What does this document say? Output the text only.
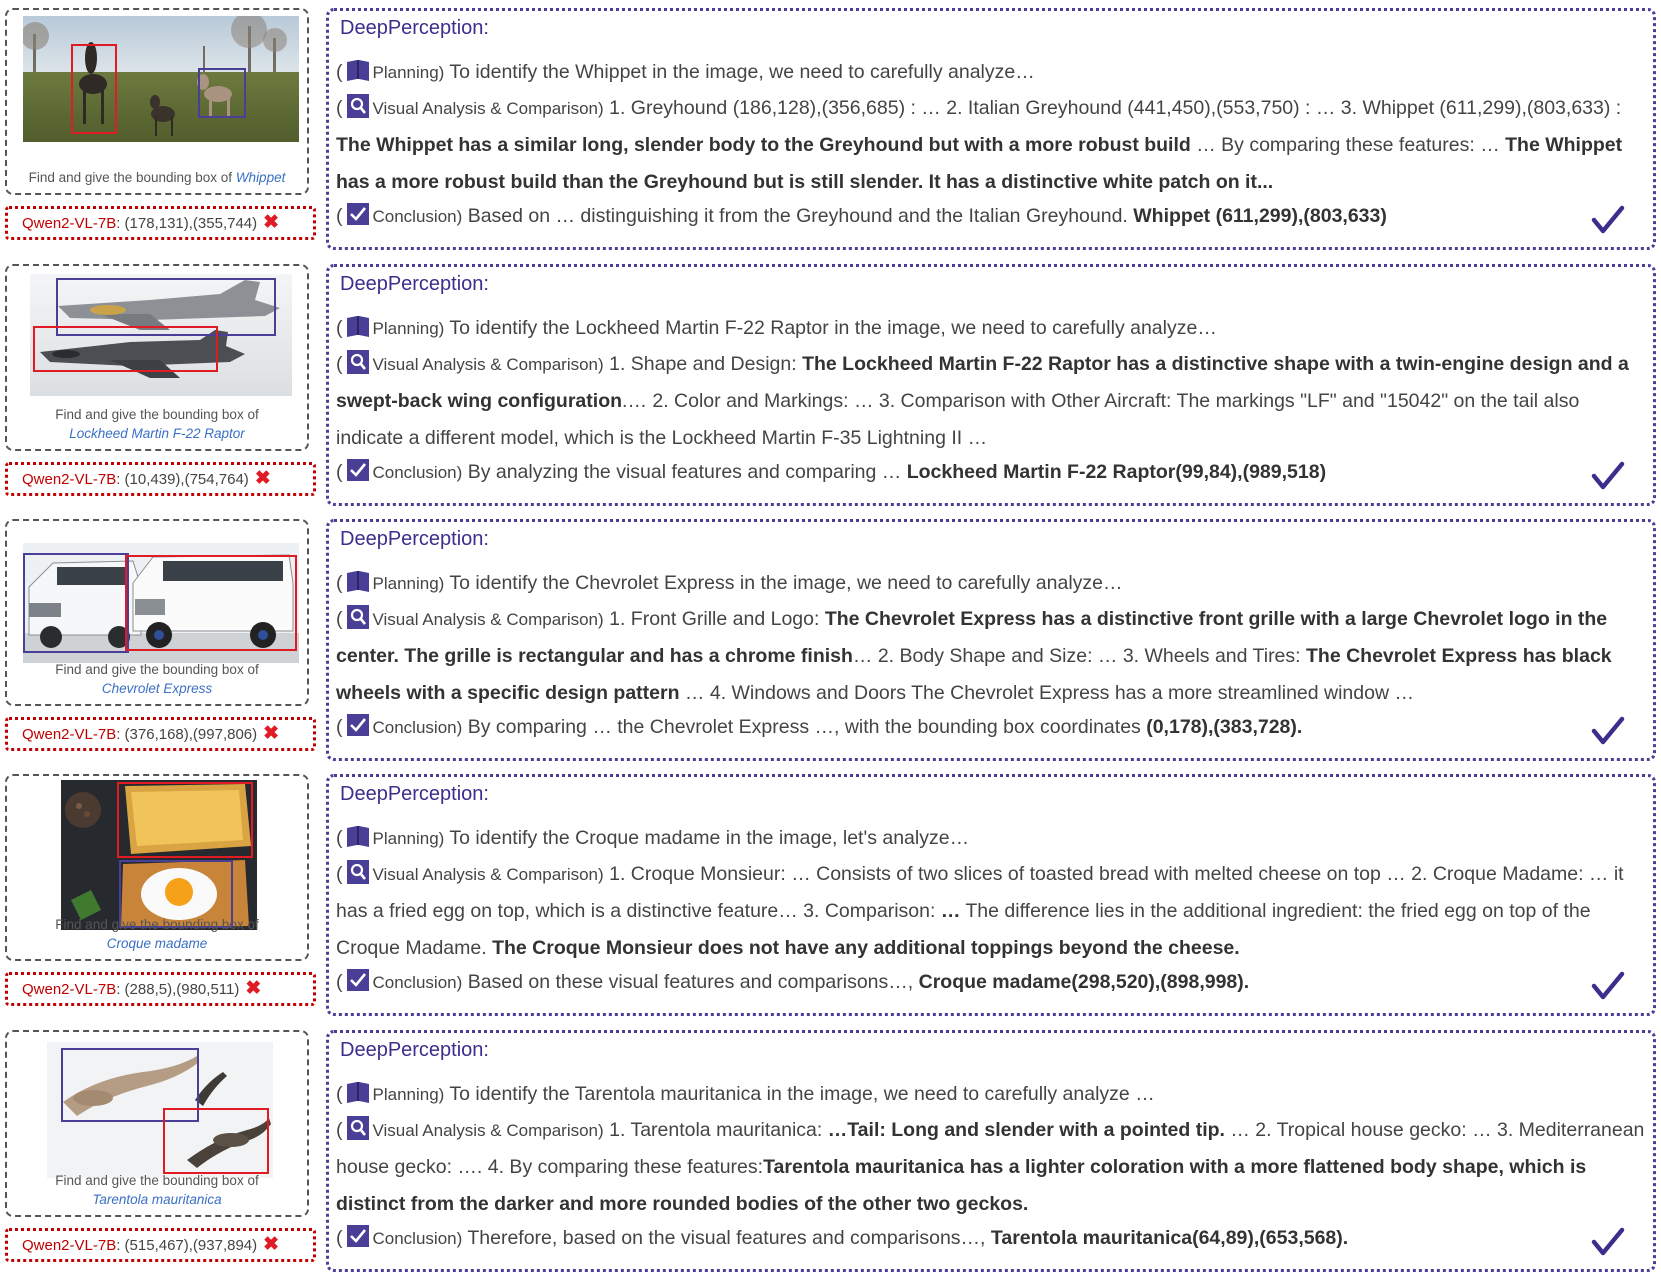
Find and give the bounding box of Whippet
Qwen2-VL-7B: (178,131),(355,744) ✖
DeepPerception:
( Planning) To identify the Whippet in the image, we need to carefully analyze…
( Visual Analysis & Comparison) 1. Greyhound (186,128),(356,685) : … 2. Italian Greyhound (441,450),(553,750) : … 3. Whippet (611,299),(803,633) : The Whippet has a similar long, slender body to the Greyhound but with a more robust build … By comparing these features: … The Whippet has a more robust build than the Greyhound but is still slender. It has a distinctive white patch on it...
( Conclusion) Based on … distinguishing it from the Greyhound and the Italian Greyhound. Whippet (611,299),(803,633)
Find and give the bounding box of
Lockheed Martin F-22 Raptor
Qwen2-VL-7B: (10,439),(754,764) ✖
DeepPerception:
( Planning) To identify the Lockheed Martin F-22 Raptor in the image, we need to carefully analyze…
( Visual Analysis & Comparison) 1. Shape and Design: The Lockheed Martin F-22 Raptor has a distinctive shape with a twin-engine design and a swept-back wing configuration.… 2. Color and Markings: … 3. Comparison with Other Aircraft: The markings "LF" and "15042" on the tail also indicate a different model, which is the Lockheed Martin F-35 Lightning II …
( Conclusion) By analyzing the visual features and comparing … Lockheed Martin F-22 Raptor(99,84),(989,518)
Find and give the bounding box of
Chevrolet Express
Qwen2-VL-7B: (376,168),(997,806) ✖
DeepPerception:
( Planning) To identify the Chevrolet Express in the image, we need to carefully analyze…
( Visual Analysis & Comparison) 1. Front Grille and Logo: The Chevrolet Express has a distinctive front grille with a large Chevrolet logo in the center. The grille is rectangular and has a chrome finish… 2. Body Shape and Size: … 3. Wheels and Tires: The Chevrolet Express has black wheels with a specific design pattern … 4. Windows and Doors The Chevrolet Express has a more streamlined window …
( Conclusion) By comparing … the Chevrolet Express …, with the bounding box coordinates (0,178),(383,728).
Find and give the bounding box of
Croque madame
Qwen2-VL-7B: (288,5),(980,511) ✖
DeepPerception:
( Planning) To identify the Croque madame in the image, let's analyze…
( Visual Analysis & Comparison) 1. Croque Monsieur: … Consists of two slices of toasted bread with melted cheese on top … 2. Croque Madame: … it has a fried egg on top, which is a distinctive feature… 3. Comparison: … The difference lies in the additional ingredient: the fried egg on top of the Croque Madame. The Croque Monsieur does not have any additional toppings beyond the cheese.
( Conclusion) Based on these visual features and comparisons…, Croque madame(298,520),(898,998).
Find and give the bounding box of
Tarentola mauritanica
Qwen2-VL-7B: (515,467),(937,894) ✖
DeepPerception:
( Planning) To identify the Tarentola mauritanica in the image, we need to carefully analyze …
( Visual Analysis & Comparison) 1. Tarentola mauritanica: …Tail: Long and slender with a pointed tip. … 2. Tropical house gecko: … 3. Mediterranean house gecko: …. 4. By comparing these features:Tarentola mauritanica has a lighter coloration with a more flattened body shape, which is distinct from the darker and more rounded bodies of the other two geckos.
( Conclusion) Therefore, based on the visual features and comparisons…, Tarentola mauritanica(64,89),(653,568).
